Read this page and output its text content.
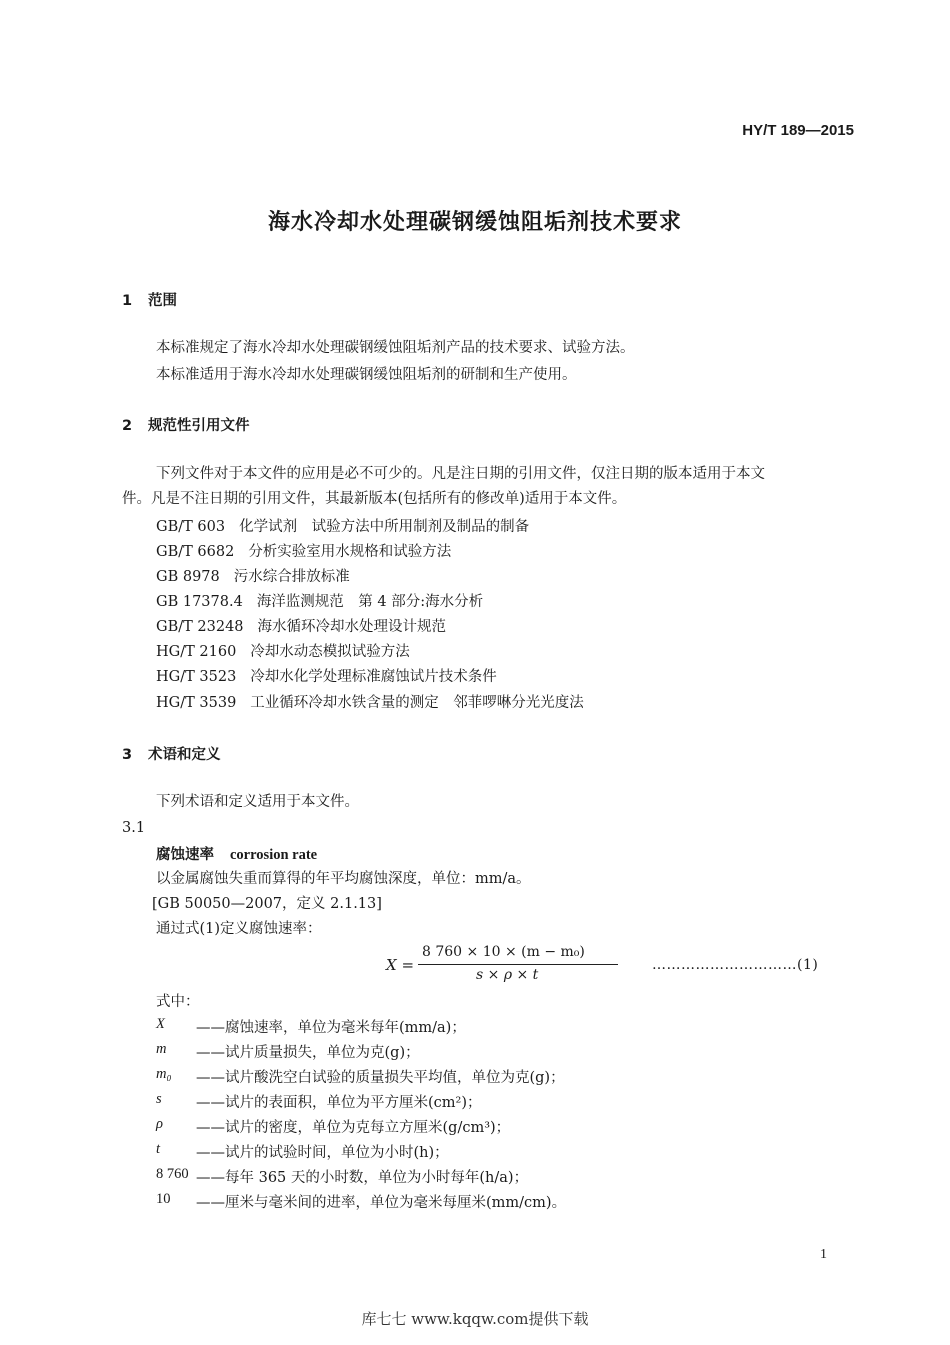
HY/T 189—2015
海水冷却水处理碳钢缓蚀阻垢剂技术要求
1 范围
本标准规定了海水冷却水处理碳钢缓蚀阻垢剂产品的技术要求、试验方法。
本标准适用于海水冷却水处理碳钢缓蚀阻垢剂的研制和生产使用。
2 规范性引用文件
下列文件对于本文件的应用是必不可少的。凡是注日期的引用文件，仅注日期的版本适用于本文
件。凡是不注日期的引用文件，其最新版本(包括所有的修改单)适用于本文件。
GB/T 603 化学试剂　试验方法中所用制剂及制品的制备
GB/T 6682 分析实验室用水规格和试验方法
GB 8978 污水综合排放标准
GB 17378.4 海洋监测规范　第 4 部分:海水分析
GB/T 23248 海水循环冷却水处理设计规范
HG/T 2160 冷却水动态模拟试验方法
HG/T 3523 冷却水化学处理标准腐蚀试片技术条件
HG/T 3539 工业循环冷却水铁含量的测定　邻菲啰啉分光光度法
3 术语和定义
下列术语和定义适用于本文件。
3.1
腐蚀速率 corrosion rate
以金属腐蚀失重而算得的年平均腐蚀深度，单位：mm/a。
[GB 50050—2007，定义 2.1.13]
通过式(1)定义腐蚀速率：
X =
8 760 × 10 × (m − m₀)
s × ρ × t
…………………………(1)
式中：
X ——腐蚀速率，单位为毫米每年(mm/a)；
m ——试片质量损失，单位为克(g)；
m₀ ——试片酸洗空白试验的质量损失平均值，单位为克(g)；
s ——试片的表面积，单位为平方厘米(cm²)；
ρ ——试片的密度，单位为克每立方厘米(g/cm³)；
t ——试片的试验时间，单位为小时(h)；
8 760 ——每年 365 天的小时数，单位为小时每年(h/a)；
10 ——厘米与毫米间的进率，单位为毫米每厘米(mm/cm)。
1
库七七 www.kqqw.com提供下载
